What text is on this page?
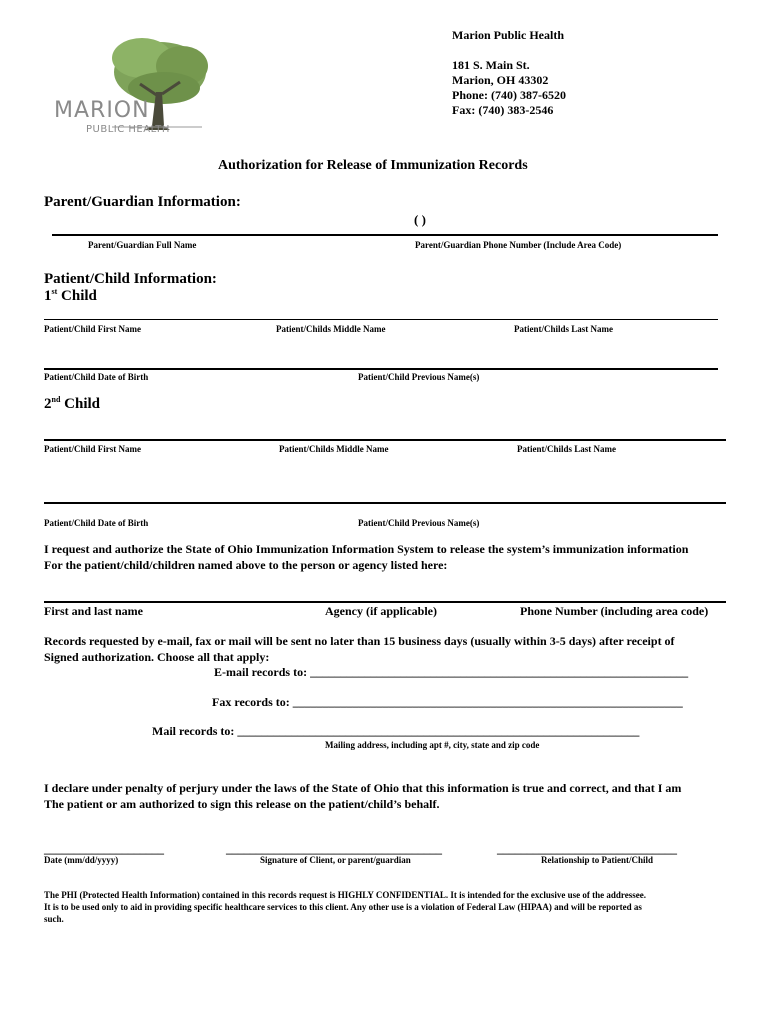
MARION
PUBLIC HEALTH
Marion Public Health
181 S. Main St.
Marion, OH 43302
Phone: (740) 387-6520
Fax: (740) 383-2546
Authorization for Release of Immunization Records
Parent/Guardian Information:
( )
Parent/Guardian Full Name	Parent/Guardian Phone Number (Include Area Code)
Patient/Child Information:
1st Child
Patient/Child First Name	Patient/Childs Middle Name	Patient/Childs Last Name
Patient/Child Date of Birth	Patient/Child Previous Name(s)
2nd Child
Patient/Child First Name	Patient/Childs Middle Name	Patient/Childs Last Name
Patient/Child Date of Birth	Patient/Child Previous Name(s)
I request and authorize the State of Ohio Immunization Information System to release the system’s immunization information
For the patient/child/children named above to the person or agency listed here:
First and last name	Agency (if applicable)	Phone Number (including area code)
Records requested by e-mail, fax or mail will be sent no later than 15 business days (usually within 3-5 days) after receipt of
Signed authorization. Choose all that apply:
E-mail records to: _______________________________________________________________
Fax records to: _________________________________________________________________
Mail records to: ___________________________________________________________________
Mailing address, including apt #, city, state and zip code
I declare under penalty of perjury under the laws of the State of Ohio that this information is true and correct, and that I am
The patient or am authorized to sign this release on the patient/child’s behalf.
____________________	____________________________________	______________________________
Date (mm/dd/yyyy)	Signature of Client, or parent/guardian	Relationship to Patient/Child
The PHI (Protected Health Information) contained in this records request is HIGHLY CONFIDENTIAL. It is intended for the exclusive use of the addressee.
It is to be used only to aid in providing specific healthcare services to this client. Any other use is a violation of Federal Law (HIPAA) and will be reported as
such.
